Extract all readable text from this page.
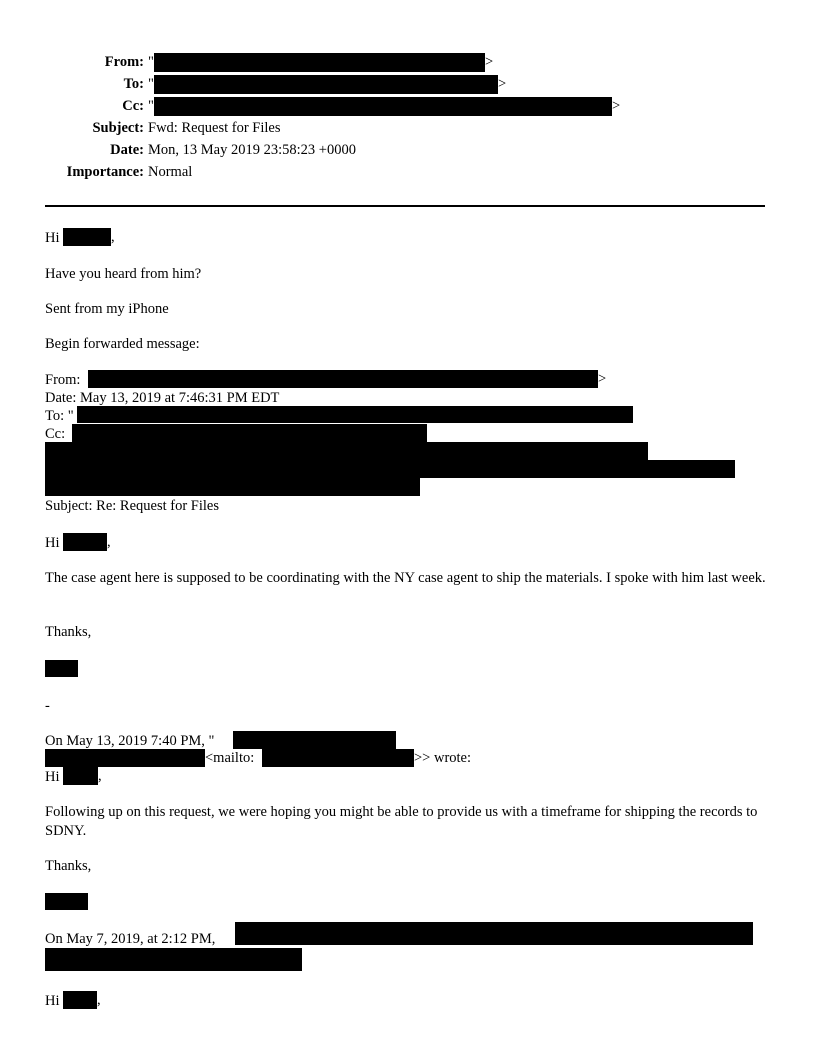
From: "	>
To: "	>
Cc: "	>
Subject: Fwd: Request for Files
Date: Mon, 13 May 2019 23:58:23 +0000
Importance: Normal
Hi	,
Have you heard from him?
Sent from my iPhone
Begin forwarded message:
From:	>
Date: May 13, 2019 at 7:46:31 PM EDT
To: "
Cc:
Subject: Re: Request for Files
Hi	,
The case agent here is supposed to be coordinating with the NY case agent to ship the materials. I spoke with him last week.
Thanks,
-
On May 13, 2019 7:40 PM, "
<mailto:	>> wrote:
Hi	,
Following up on this request, we were hoping you might be able to provide us with a timeframe for shipping the records to SDNY.
Thanks,
On May 7, 2019, at 2:12 PM,
Hi	,
